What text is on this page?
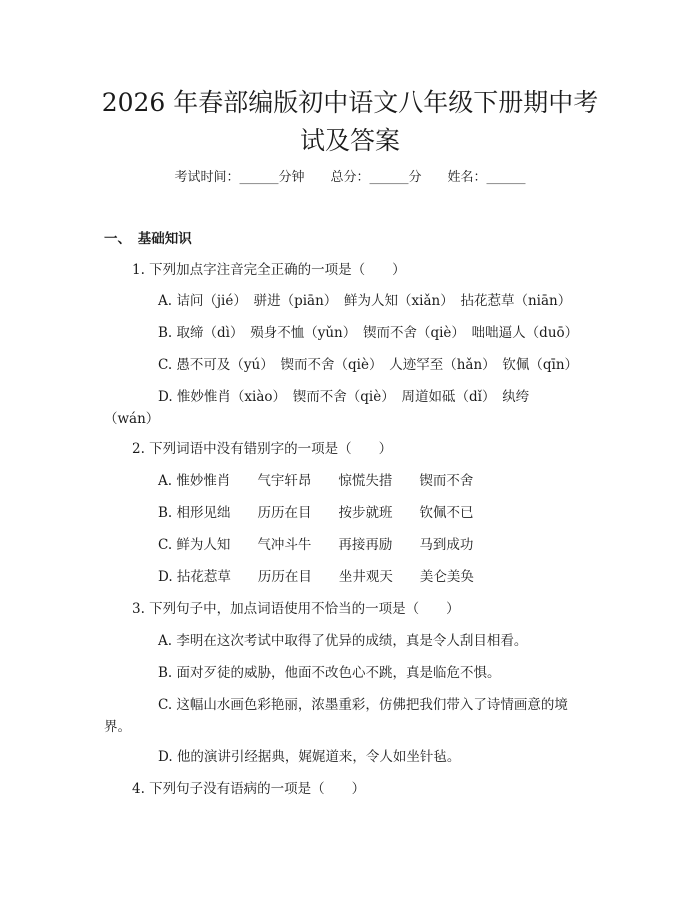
2026 年春部编版初中语文八年级下册期中考
试及答案
考试时间：______分钟　　总分：______分　　姓名：______
一、　基础知识
1. 下列加点字注音完全正确的一项是（　　）
A. 诘问（jié）　骈进（piān）　鲜为人知（xiǎn）　拈花惹草（niān）
B. 取缔（dì）　殒身不恤（yǔn）　锲而不舍（qiè）　咄咄逼人（duō）
C. 愚不可及（yú）　锲而不舍（qiè）　人迹罕至（hǎn）　钦佩（qīn）
D. 惟妙惟肖（xiào）　锲而不舍（qiè）　周道如砥（dǐ）　纨绔
（wán）
2. 下列词语中没有错别字的一项是（　　）
A. 惟妙惟肖　　气宇轩昂　　惊慌失措　　锲而不舍
B. 相形见绌　　历历在目　　按步就班　　钦佩不已
C. 鲜为人知　　气冲斗牛　　再接再励　　马到成功
D. 拈花惹草　　历历在目　　坐井观天　　美仑美奂
3. 下列句子中，加点词语使用不恰当的一项是（　　）
A. 李明在这次考试中取得了优异的成绩，真是令人刮目相看。
B. 面对歹徒的威胁，他面不改色心不跳，真是临危不惧。
C. 这幅山水画色彩艳丽，浓墨重彩，仿佛把我们带入了诗情画意的境
界。
D. 他的演讲引经据典，娓娓道来，令人如坐针毡。
4. 下列句子没有语病的一项是（　　）
